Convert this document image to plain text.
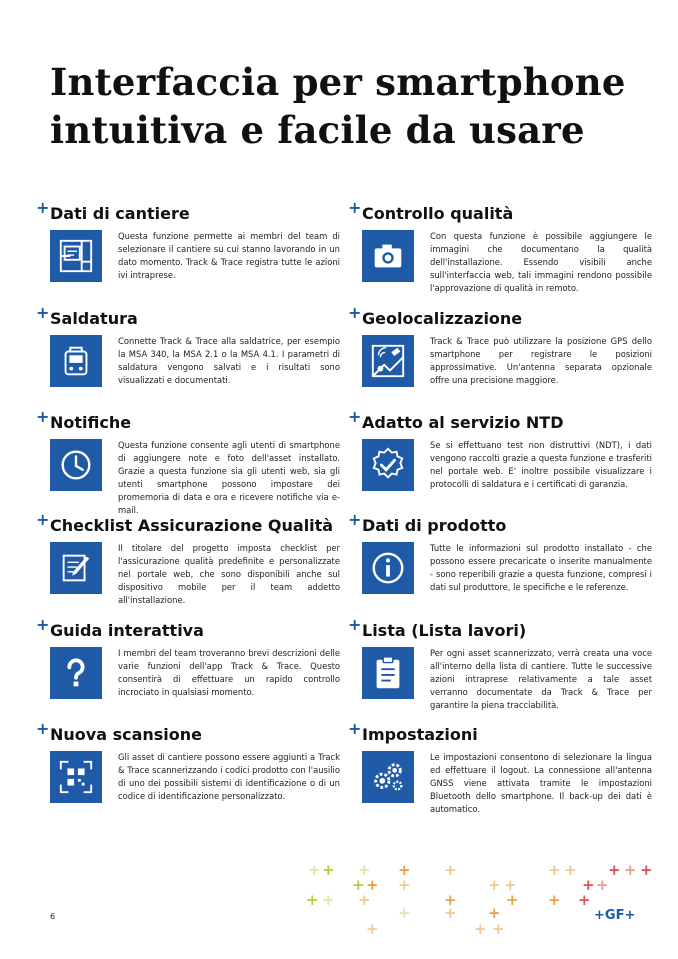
Interfaccia per smartphone
intuitiva e facile da usare
+ Dati di cantiere

Questa funzione permette ai membri del team di selezionare il cantiere su cui stanno lavorando in un dato momento. Track & Trace registra tutte le azioni ivi intraprese.

+ Controllo qualità

Con questa funzione è possibile aggiungere le immagini che documentano la qualità dell'installazione. Essendo visibili anche sull'interfaccia web, tali immagini rendono possibile l'approvazione di qualità in remoto.

+ Saldatura

Connette Track & Trace alla saldatrice, per esempio la MSA 340, la MSA 2.1 o la MSA 4.1. I parametri di saldatura vengono salvati e i risultati sono visualizzati e documentati.

+ Geolocalizzazione

Track & Trace può utilizzare la posizione GPS dello smartphone per registrare le posizioni approssimative. Un'antenna separata opzionale offre una precisione maggiore.

+ Notifiche

Questa funzione consente agli utenti di smartphone di aggiungere note e foto dell'asset installato. Grazie a questa funzione sia gli utenti web, sia gli utenti smartphone possono impostare dei promemoria di data e ora e ricevere notifiche via e-mail.

+ Adatto al servizio NTD

Se si effettuano test non distruttivi (NDT), i dati vengono raccolti grazie a questa funzione e trasferiti nel portale web. E' inoltre possibile visualizzare i protocolli di saldatura e i certificati di garanzia.

+ Checklist Assicurazione Qualità

Il titolare del progetto imposta checklist per l'assicurazione qualità predefinite e personalizzate nel portale web, che sono disponibili anche sul dispositivo mobile per il team addetto all'installazione.

+ Dati di prodotto

Tutte le informazioni sul prodotto installato - che possono essere precaricate o inserite manualmente - sono reperibili grazie a questa funzione, compresi i dati sul produttore, le specifiche e le referenze.

+ Guida interattiva

I membri del team troveranno brevi descrizioni delle varie funzioni dell'app Track & Trace. Questo consentirà di effettuare un rapido controllo incrociato in qualsiasi momento.

+ Lista (Lista lavori)

Per ogni asset scannerizzato, verrà creata una voce all'interno della lista di cantiere. Tutte le successive azioni intraprese relativamente a tale asset verranno documentate da Track & Trace per garantire la piena tracciabilità.

+ Nuova scansione

Gli asset di cantiere possono essere aggiunti a Track & Trace scannerizzando i codici prodotto con l'ausilio di uno dei possibili sistemi di identificazione o di un codice di identificazione personalizzato.

+ Impostazioni

Le impostazioni consentono di selezionare la lingua ed effettuare il logout. La connessione all'antenna GNSS viene attivata tramite le impostazioni Bluetooth dello smartphone. Il back-up dei dati è automatico.

+ + + + +	+ + + + +
+ + +	+ +	+ +
+ + +	+	+ + +
+ + +
+	+ +
6	+GF+
